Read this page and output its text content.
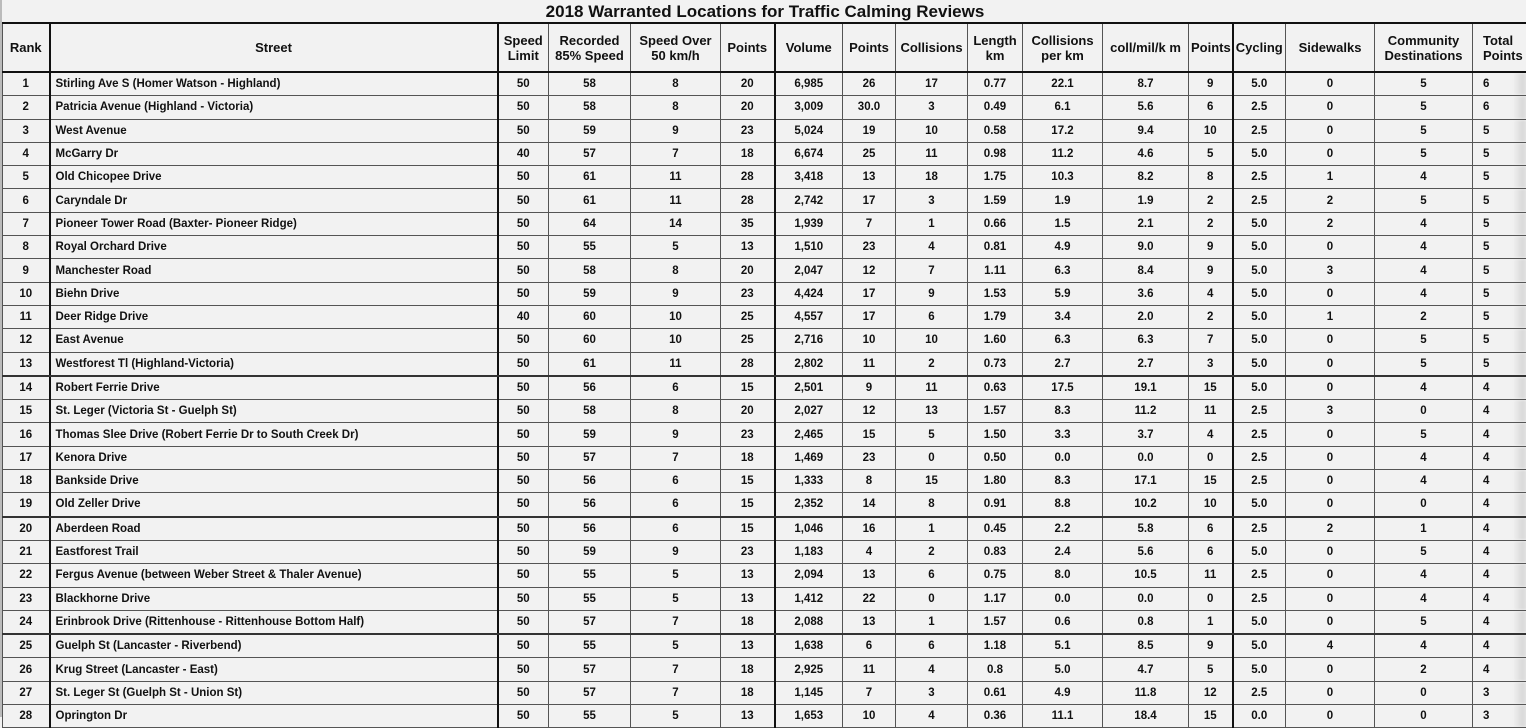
2018 Warranted Locations for Traffic Calming Reviews
Rank	Street	Speed Limit	Recorded 85% Speed	Speed Over 50 km/h	Points	Volume	Points	Collisions	Length km	Collisions per km	coll/mil/k m	Points	Cycling	Sidewalks	Community Destinations	Total Points
1	Stirling Ave S (Homer Watson - Highland)	50	58	8	20	6,985	26	17	0.77	22.1	8.7	9	5.0	0	5	6

2	Patricia Avenue (Highland - Victoria)	50	58	8	20	3,009	30.0	3	0.49	6.1	5.6	6	2.5	0	5	6

3	West Avenue	50	59	9	23	5,024	19	10	0.58	17.2	9.4	10	2.5	0	5	5

4	McGarry Dr	40	57	7	18	6,674	25	11	0.98	11.2	4.6	5	5.0	0	5	5

5	Old Chicopee Drive	50	61	11	28	3,418	13	18	1.75	10.3	8.2	8	2.5	1	4	5

6	Caryndale Dr	50	61	11	28	2,742	17	3	1.59	1.9	1.9	2	2.5	2	5	5

7	Pioneer Tower Road (Baxter- Pioneer Ridge)	50	64	14	35	1,939	7	1	0.66	1.5	2.1	2	5.0	2	4	5

8	Royal Orchard Drive	50	55	5	13	1,510	23	4	0.81	4.9	9.0	9	5.0	0	4	5

9	Manchester Road	50	58	8	20	2,047	12	7	1.11	6.3	8.4	9	5.0	3	4	5

10	Biehn Drive	50	59	9	23	4,424	17	9	1.53	5.9	3.6	4	5.0	0	4	5

11	Deer Ridge Drive	40	60	10	25	4,557	17	6	1.79	3.4	2.0	2	5.0	1	2	5

12	East Avenue	50	60	10	25	2,716	10	10	1.60	6.3	6.3	7	5.0	0	5	5

13	Westforest Tl (Highland-Victoria)	50	61	11	28	2,802	11	2	0.73	2.7	2.7	3	5.0	0	5	5

14	Robert Ferrie Drive	50	56	6	15	2,501	9	11	0.63	17.5	19.1	15	5.0	0	4	4

15	St. Leger (Victoria St - Guelph St)	50	58	8	20	2,027	12	13	1.57	8.3	11.2	11	2.5	3	0	4

16	Thomas Slee Drive (Robert Ferrie Dr to South Creek Dr)	50	59	9	23	2,465	15	5	1.50	3.3	3.7	4	2.5	0	5	4

17	Kenora Drive	50	57	7	18	1,469	23	0	0.50	0.0	0.0	0	2.5	0	4	4

18	Bankside Drive	50	56	6	15	1,333	8	15	1.80	8.3	17.1	15	2.5	0	4	4

19	Old Zeller Drive	50	56	6	15	2,352	14	8	0.91	8.8	10.2	10	5.0	0	0	4

20	Aberdeen Road	50	56	6	15	1,046	16	1	0.45	2.2	5.8	6	2.5	2	1	4

21	Eastforest Trail	50	59	9	23	1,183	4	2	0.83	2.4	5.6	6	5.0	0	5	4

22	Fergus Avenue (between Weber Street & Thaler Avenue)	50	55	5	13	2,094	13	6	0.75	8.0	10.5	11	2.5	0	4	4

23	Blackhorne Drive	50	55	5	13	1,412	22	0	1.17	0.0	0.0	0	2.5	0	4	4

24	Erinbrook Drive (Rittenhouse - Rittenhouse Bottom Half)	50	57	7	18	2,088	13	1	1.57	0.6	0.8	1	5.0	0	5	4

25	Guelph St (Lancaster - Riverbend)	50	55	5	13	1,638	6	6	1.18	5.1	8.5	9	5.0	4	4	4

26	Krug Street (Lancaster - East)	50	57	7	18	2,925	11	4	0.8	5.0	4.7	5	5.0	0	2	4

27	St. Leger St (Guelph St - Union St)	50	57	7	18	1,145	7	3	0.61	4.9	11.8	12	2.5	0	0	3

28	Oprington Dr	50	55	5	13	1,653	10	4	0.36	11.1	18.4	15	0.0	0	0	3
